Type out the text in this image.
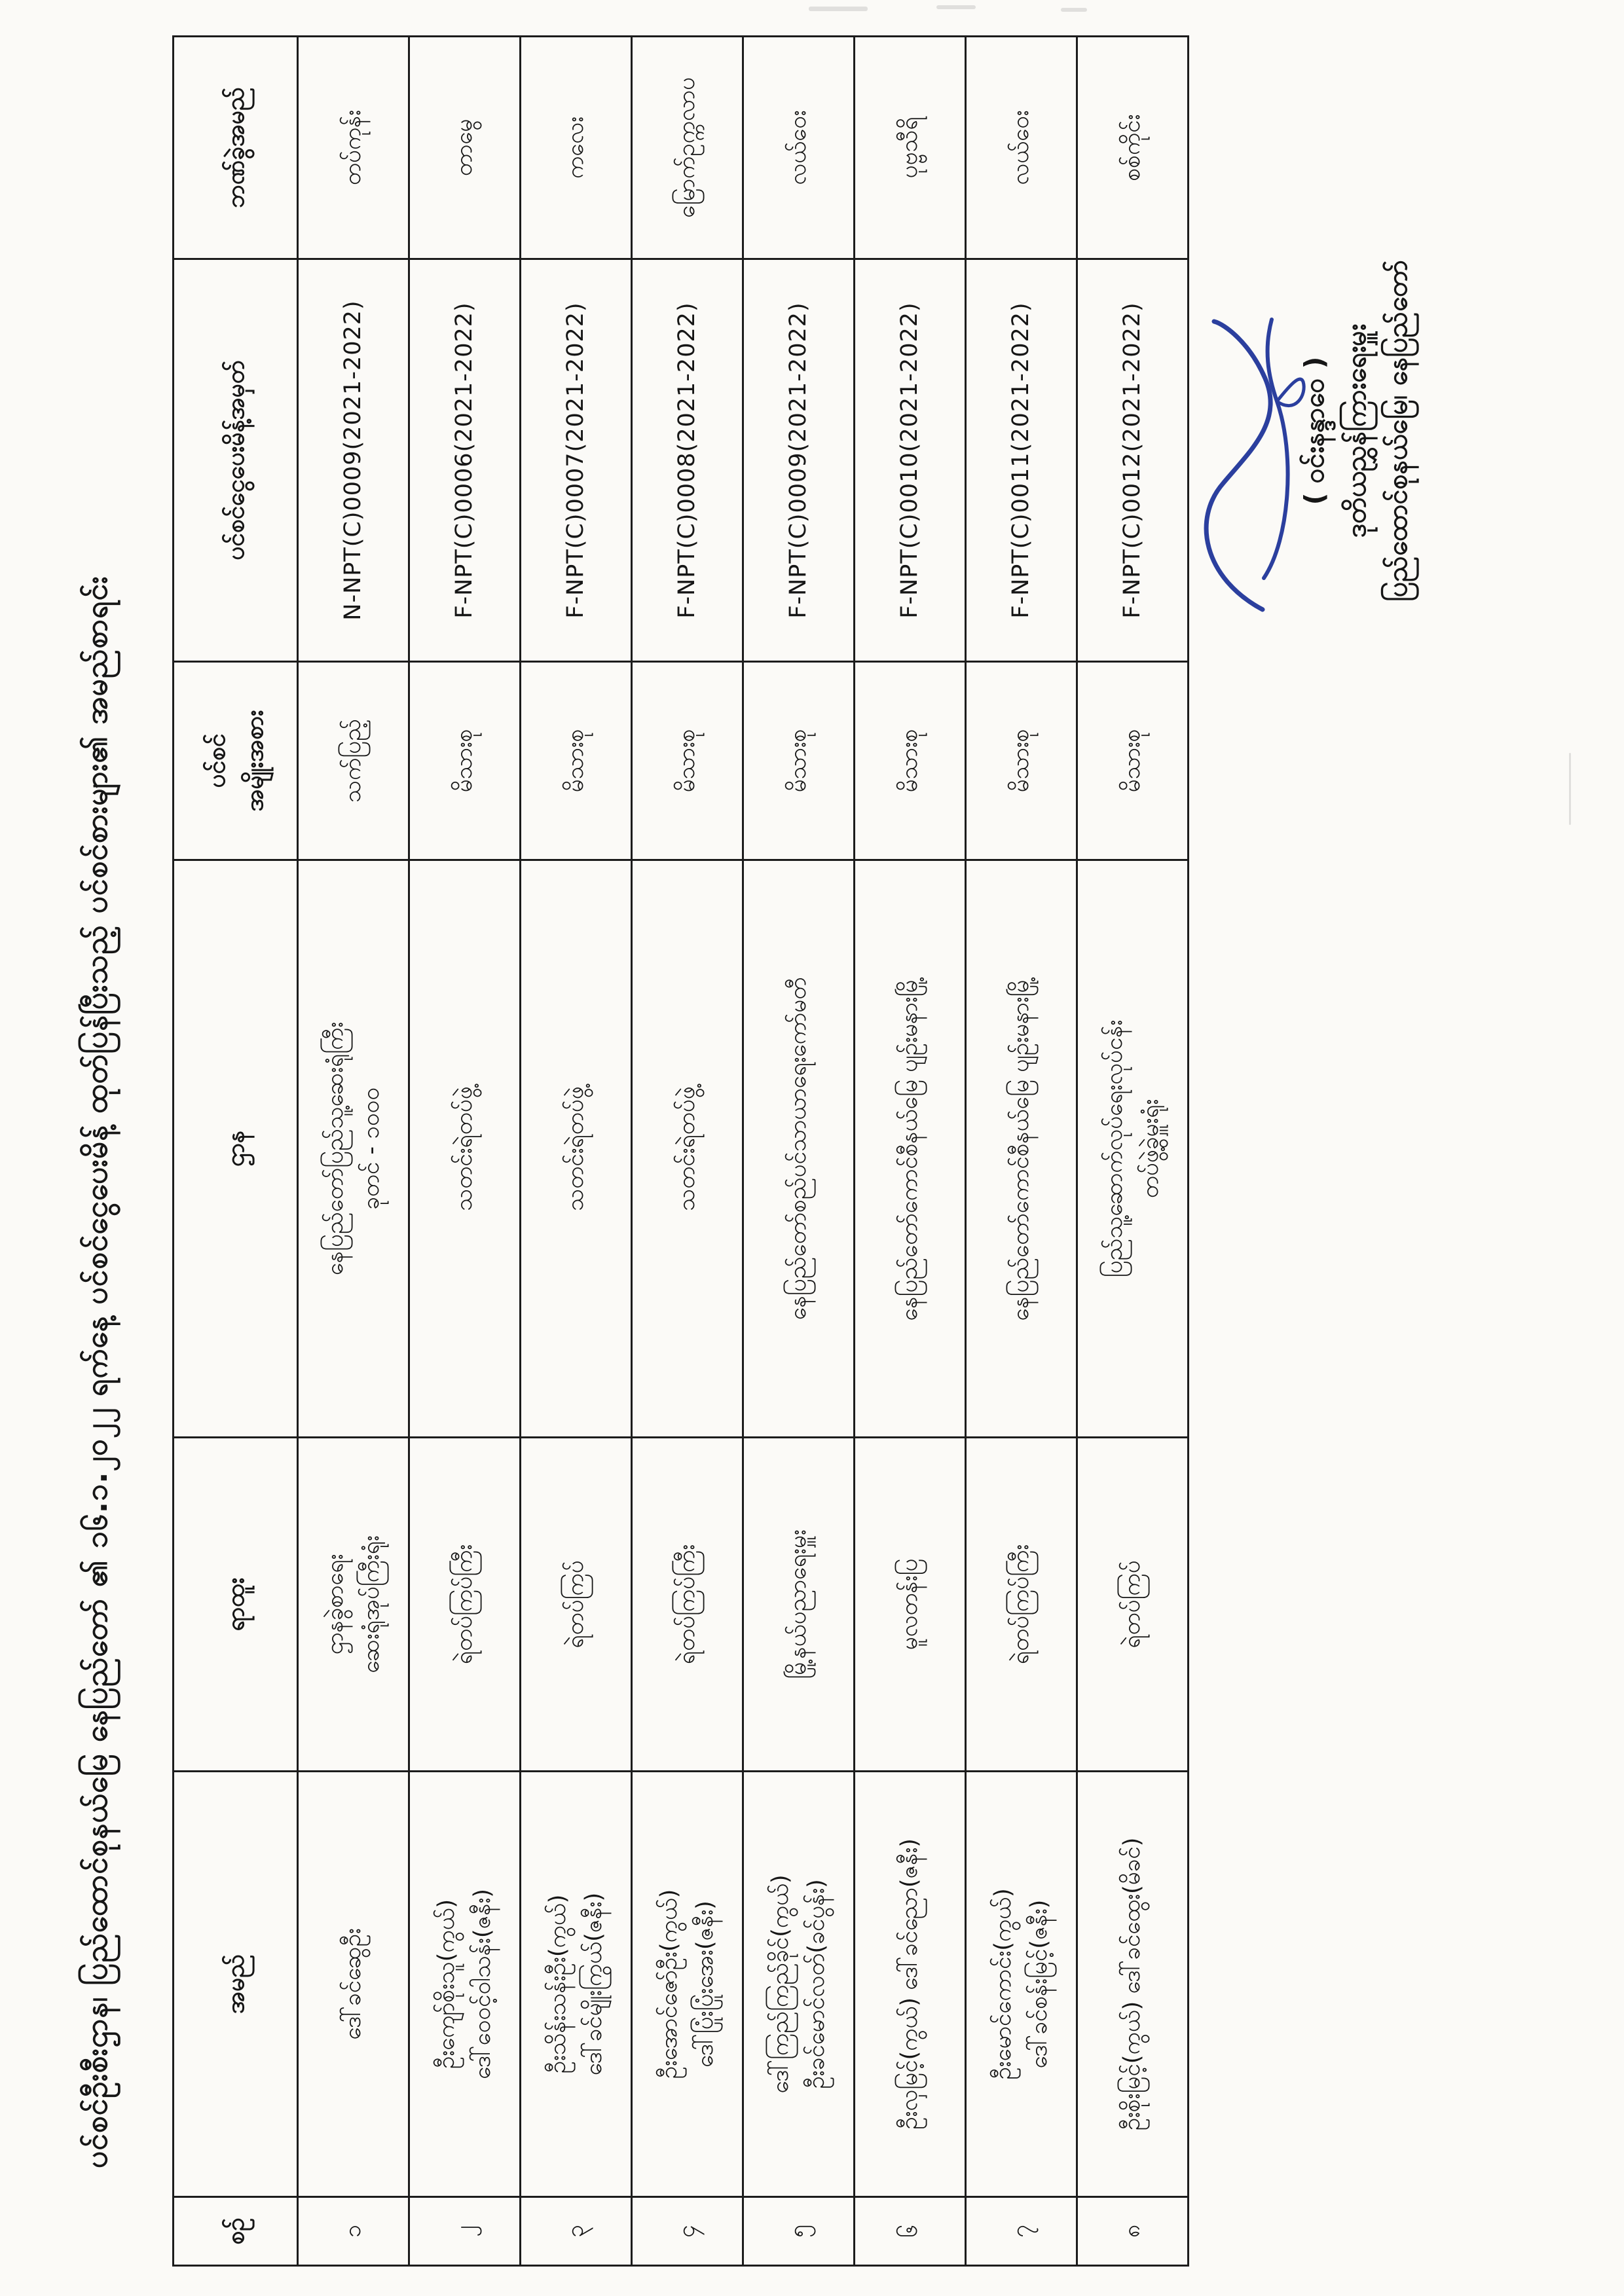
ပင်စင်ဦးစီးဌာန၊ ပြည်ထောင်စုနယ်မြေ နေပြည်တော် ၏ ၁၆.၁.၂၀၂၂ ရက်နေ့ ပင်စင်ငွေပေးမိန့် ထုတ်ပြန်ပြီးသည့် ပင်စင်စားများ၏ အမည်စာရင်း
စဉ်	အမည်	ရာထူး	ဌာန	ပင်စင် အမျိုးအစား	ပင်စင်ငွေပေးမိန့်အမှတ်	ဘဏ်ခွဲအမည်

၁	ဒေါ်ခင်ဆွေဦး	ဌာနခွဲစာရေး ဆေးရုံအုပ်ကြီးရုံး	နေပြည်တော်ပြည်သူ့ဆေးရုံကြီး ခုတင် - ၁၀၀၀	သက်ပြည့်	N-NPT(C)0009(2021-2022)	တပ်ကုန်း

၂	ဦးကျော်စိုးသူ(ကွယ်) ဒေါ်ဝေဝင့်ဝါသန်း(ဇနီး)	ရဲတပ်ကြပ်ကြီး	သတင်းရဲတပ်ဖွဲ့	မိသားစု	F-NPT(C)0006(2021-2022)	တာမွေ

၃	ဦးသိန်းသန်းဦး(ကွယ်) ဒေါ်ခင်မျိုးကြွယ်(ဇနီး)	ရဲတပ်ကြပ်	သတင်းရဲတပ်ဖွဲ့	မိသားစု	F-NPT(C)0007(2021-2022)	ကလေး

၄	ဦးအောင်ဇော်ဦး(ကွယ်) ဒေါ်ပြုံးပြုံးအေး(ဇနီး)	ရဲတပ်ကြပ်ကြီး	သတင်းရဲတပ်ဖွဲ့	မိသားစု	F-NPT(C)0008(2021-2022)	မြောက်ဥက္ကလာပ

၅	ဒေါ်ကြည်ကြည်ခိုင်(ကွယ်) ဦးခင်မောင်လတ်(ခင်ပွန်း)	မြို့နယ်ပညာရေးမှူး	နေပြည်တော်စည်ပင်သာယာရေးကော်မတီ	မိသားစု	F-NPT(C)0009(2021-2022)	လယ်ဝေး

၆	ဦးလှမြင့်(ကွယ်) ဒေါ်ခင်ညော(ဇနီး)	မူလတန်းပြ	နေပြည်တော်ကောင်စီနယ်မြေ ပျဉ်းမနားမြို့	မိသားစု	F-NPT(C)0010(2021-2022)	ပုဗ္ဗသီရိ

၇	ဦးမောင်ကောင်း(ကွယ်) ဒေါ်ခင်စန်းမြင့်(ဇနီး)	ရဲတပ်ကြပ်ကြီး	နေပြည်တော်ကောင်စီနယ်မြေ ပျဉ်းမနားမြို့	မိသားစု	F-NPT(C)0011(2021-2022)	လယ်ဝေး

၈	ဦးစိုးမြင့်(ကွယ်) ဒေါ်ခင်ထွေး(မိခင်)	ရဲတပ်ကြပ်	ပြည်သူ့ဆောက်လုပ်ရေးလုပ်ငန်း တပ်ဖွဲ့ခွဲမှူးရုံး	မိသားစု	F-NPT(C)0012(2021-2022)	စစ်ကိုင်း
( ဝင်းနန္ဒာဝေ ) ဒုတိယညွှန်ကြားရေးမှူး ပြည်ထောင်စုနယ်မြေ၊ နေပြည်တော်
